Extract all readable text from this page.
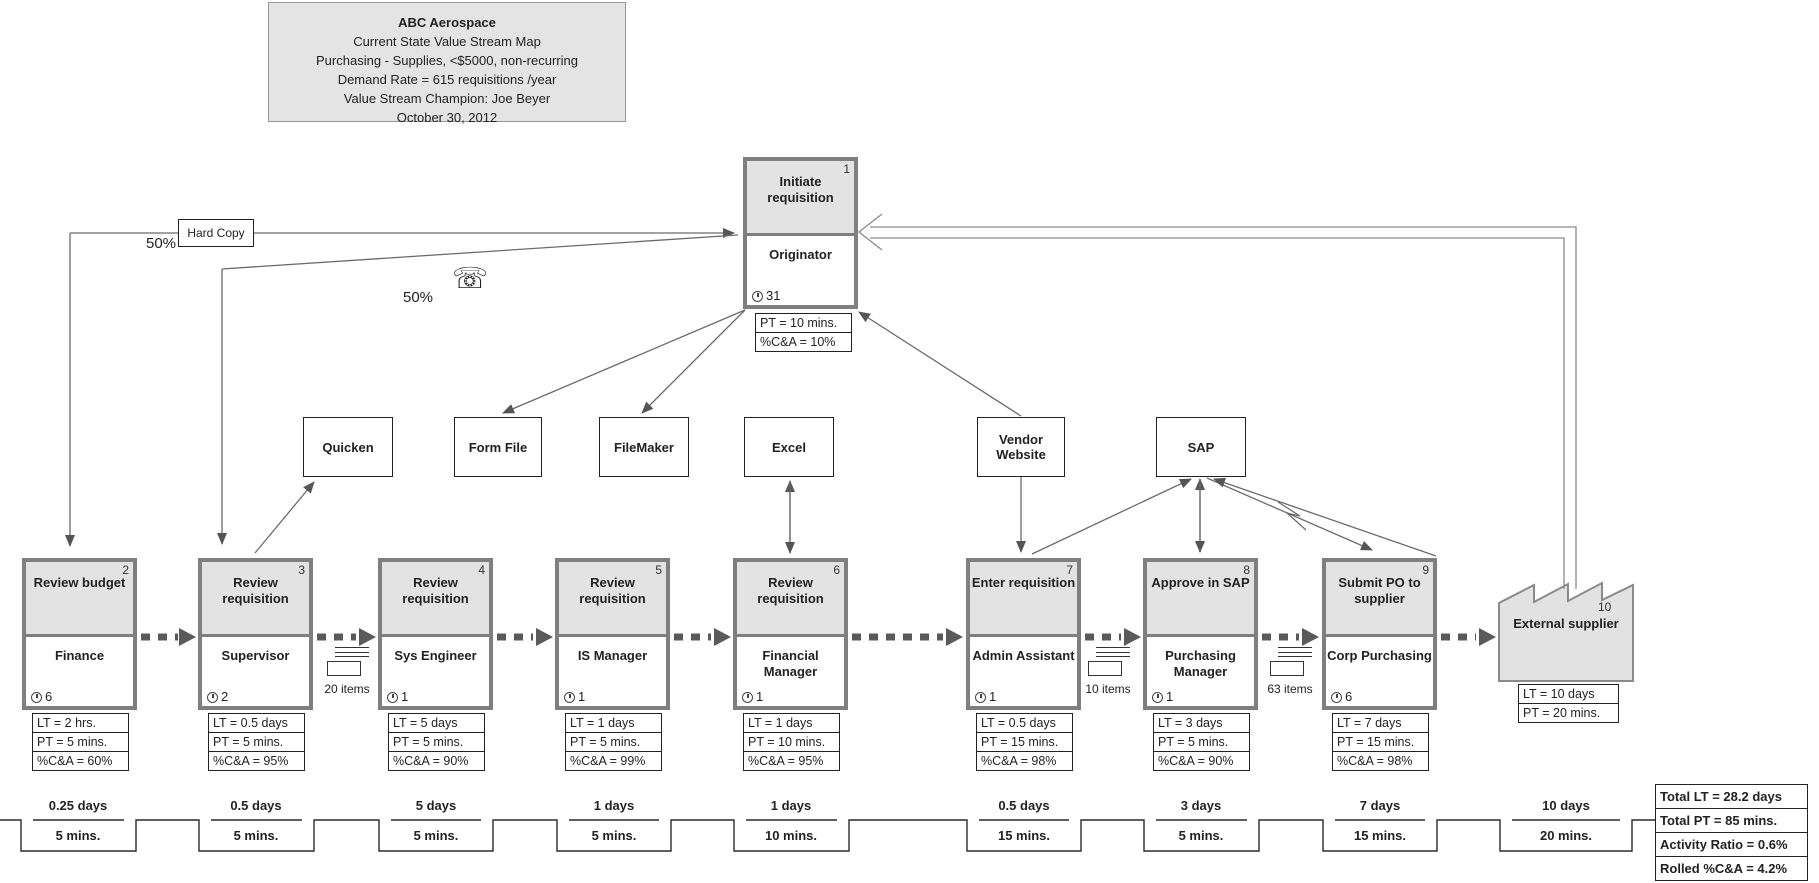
ABC Aerospace
Current State Value Stream Map
Purchasing - Supplies, <$5000, non-recurring
Demand Rate = 615 requisitions /year
Value Stream Champion: Joe Beyer
October 30, 2012
Hard Copy
50%
50%
☏
1
Initiate requisition
Originator
31
PT = 10 mins.
%C&A = 10%
Quicken	Form File	FileMaker	Excel	Vendor Website	SAP
2
Review budget
Finance
6
LT = 2 hrs.
PT = 5 mins.
%C&A = 60%
3
Review requisition
Supervisor
2
LT = 0.5 days
PT = 5 mins.
%C&A = 95%
4
Review requisition
Sys Engineer
1
LT = 5 days
PT = 5 mins.
%C&A = 90%
5
Review requisition
IS Manager
1
LT = 1 days
PT = 5 mins.
%C&A = 99%
6
Review requisition
Financial Manager
1
LT = 1 days
PT = 10 mins.
%C&A = 95%
7
Enter requisition
Admin Assistant
1
LT = 0.5 days
PT = 15 mins.
%C&A = 98%
8
Approve in SAP
Purchasing Manager
1
LT = 3 days
PT = 5 mins.
%C&A = 90%
9
Submit PO to supplier
Corp Purchasing
6
LT = 7 days
PT = 15 mins.
%C&A = 98%
10
External supplier
LT = 10 days
PT = 20 mins.
20 items	10 items	63 items
0.25 days
5 mins.
0.5 days
5 mins.
5 days
5 mins.
1 days
5 mins.
1 days
10 mins.
0.5 days
15 mins.
3 days
5 mins.
7 days
15 mins.
10 days
20 mins.
Total LT = 28.2 days
Total PT = 85 mins.
Activity Ratio = 0.6%
Rolled %C&A = 4.2%
